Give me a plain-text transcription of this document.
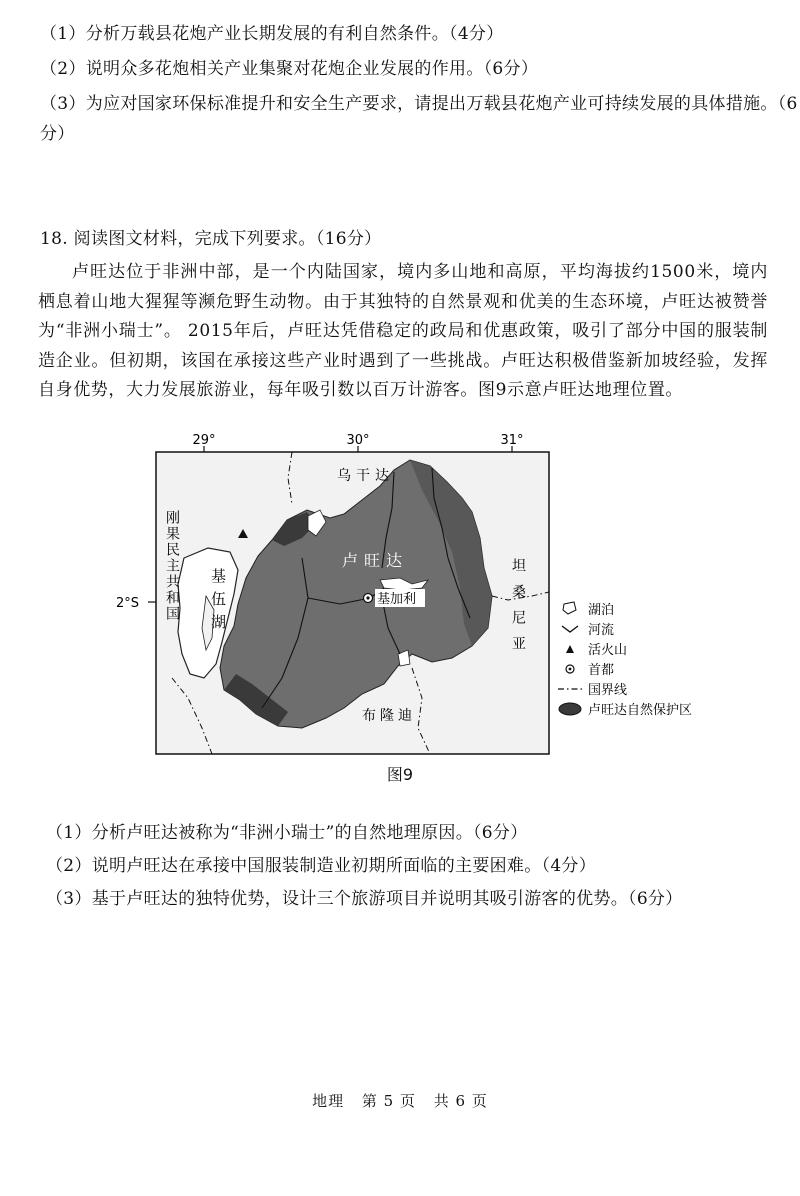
（1）分析万载县花炮产业长期发展的有利自然条件。（4分）
（2）说明众多花炮相关产业集聚对花炮企业发展的作用。（6分）
（3）为应对国家环保标准提升和安全生产要求，请提出万载县花炮产业可持续发展的具体措施。（6
分）
18. 阅读图文材料，完成下列要求。（16分）
卢旺达位于非洲中部，是一个内陆国家，境内多山地和高原，平均海拔约1500米，境内栖息着山地大猩猩等濒危野生动物。由于其独特的自然景观和优美的生态环境，卢旺达被赞誉为“非洲小瑞士”。 2015年后，卢旺达凭借稳定的政局和优惠政策，吸引了部分中国的服装制造企业。但初期，该国在承接这些产业时遇到了一些挑战。卢旺达积极借鉴新加坡经验，发挥自身优势，大力发展旅游业，每年吸引数以百万计游客。图9示意卢旺达地理位置。
29°	30°	31°
2°S	基加利
乌干达
卢旺达
布隆迪
刚果民主共和国	坦桑尼亚
基伍湖	湖泊
河流
活火山
首都
国界线
卢旺达自然保护区
图9
（1）分析卢旺达被称为“非洲小瑞士”的自然地理原因。（6分）
（2）说明卢旺达在承接中国服装制造业初期所面临的主要困难。（4分）
（3）基于卢旺达的独特优势，设计三个旅游项目并说明其吸引游客的优势。（6分）
地理 第 5 页 共 6 页
